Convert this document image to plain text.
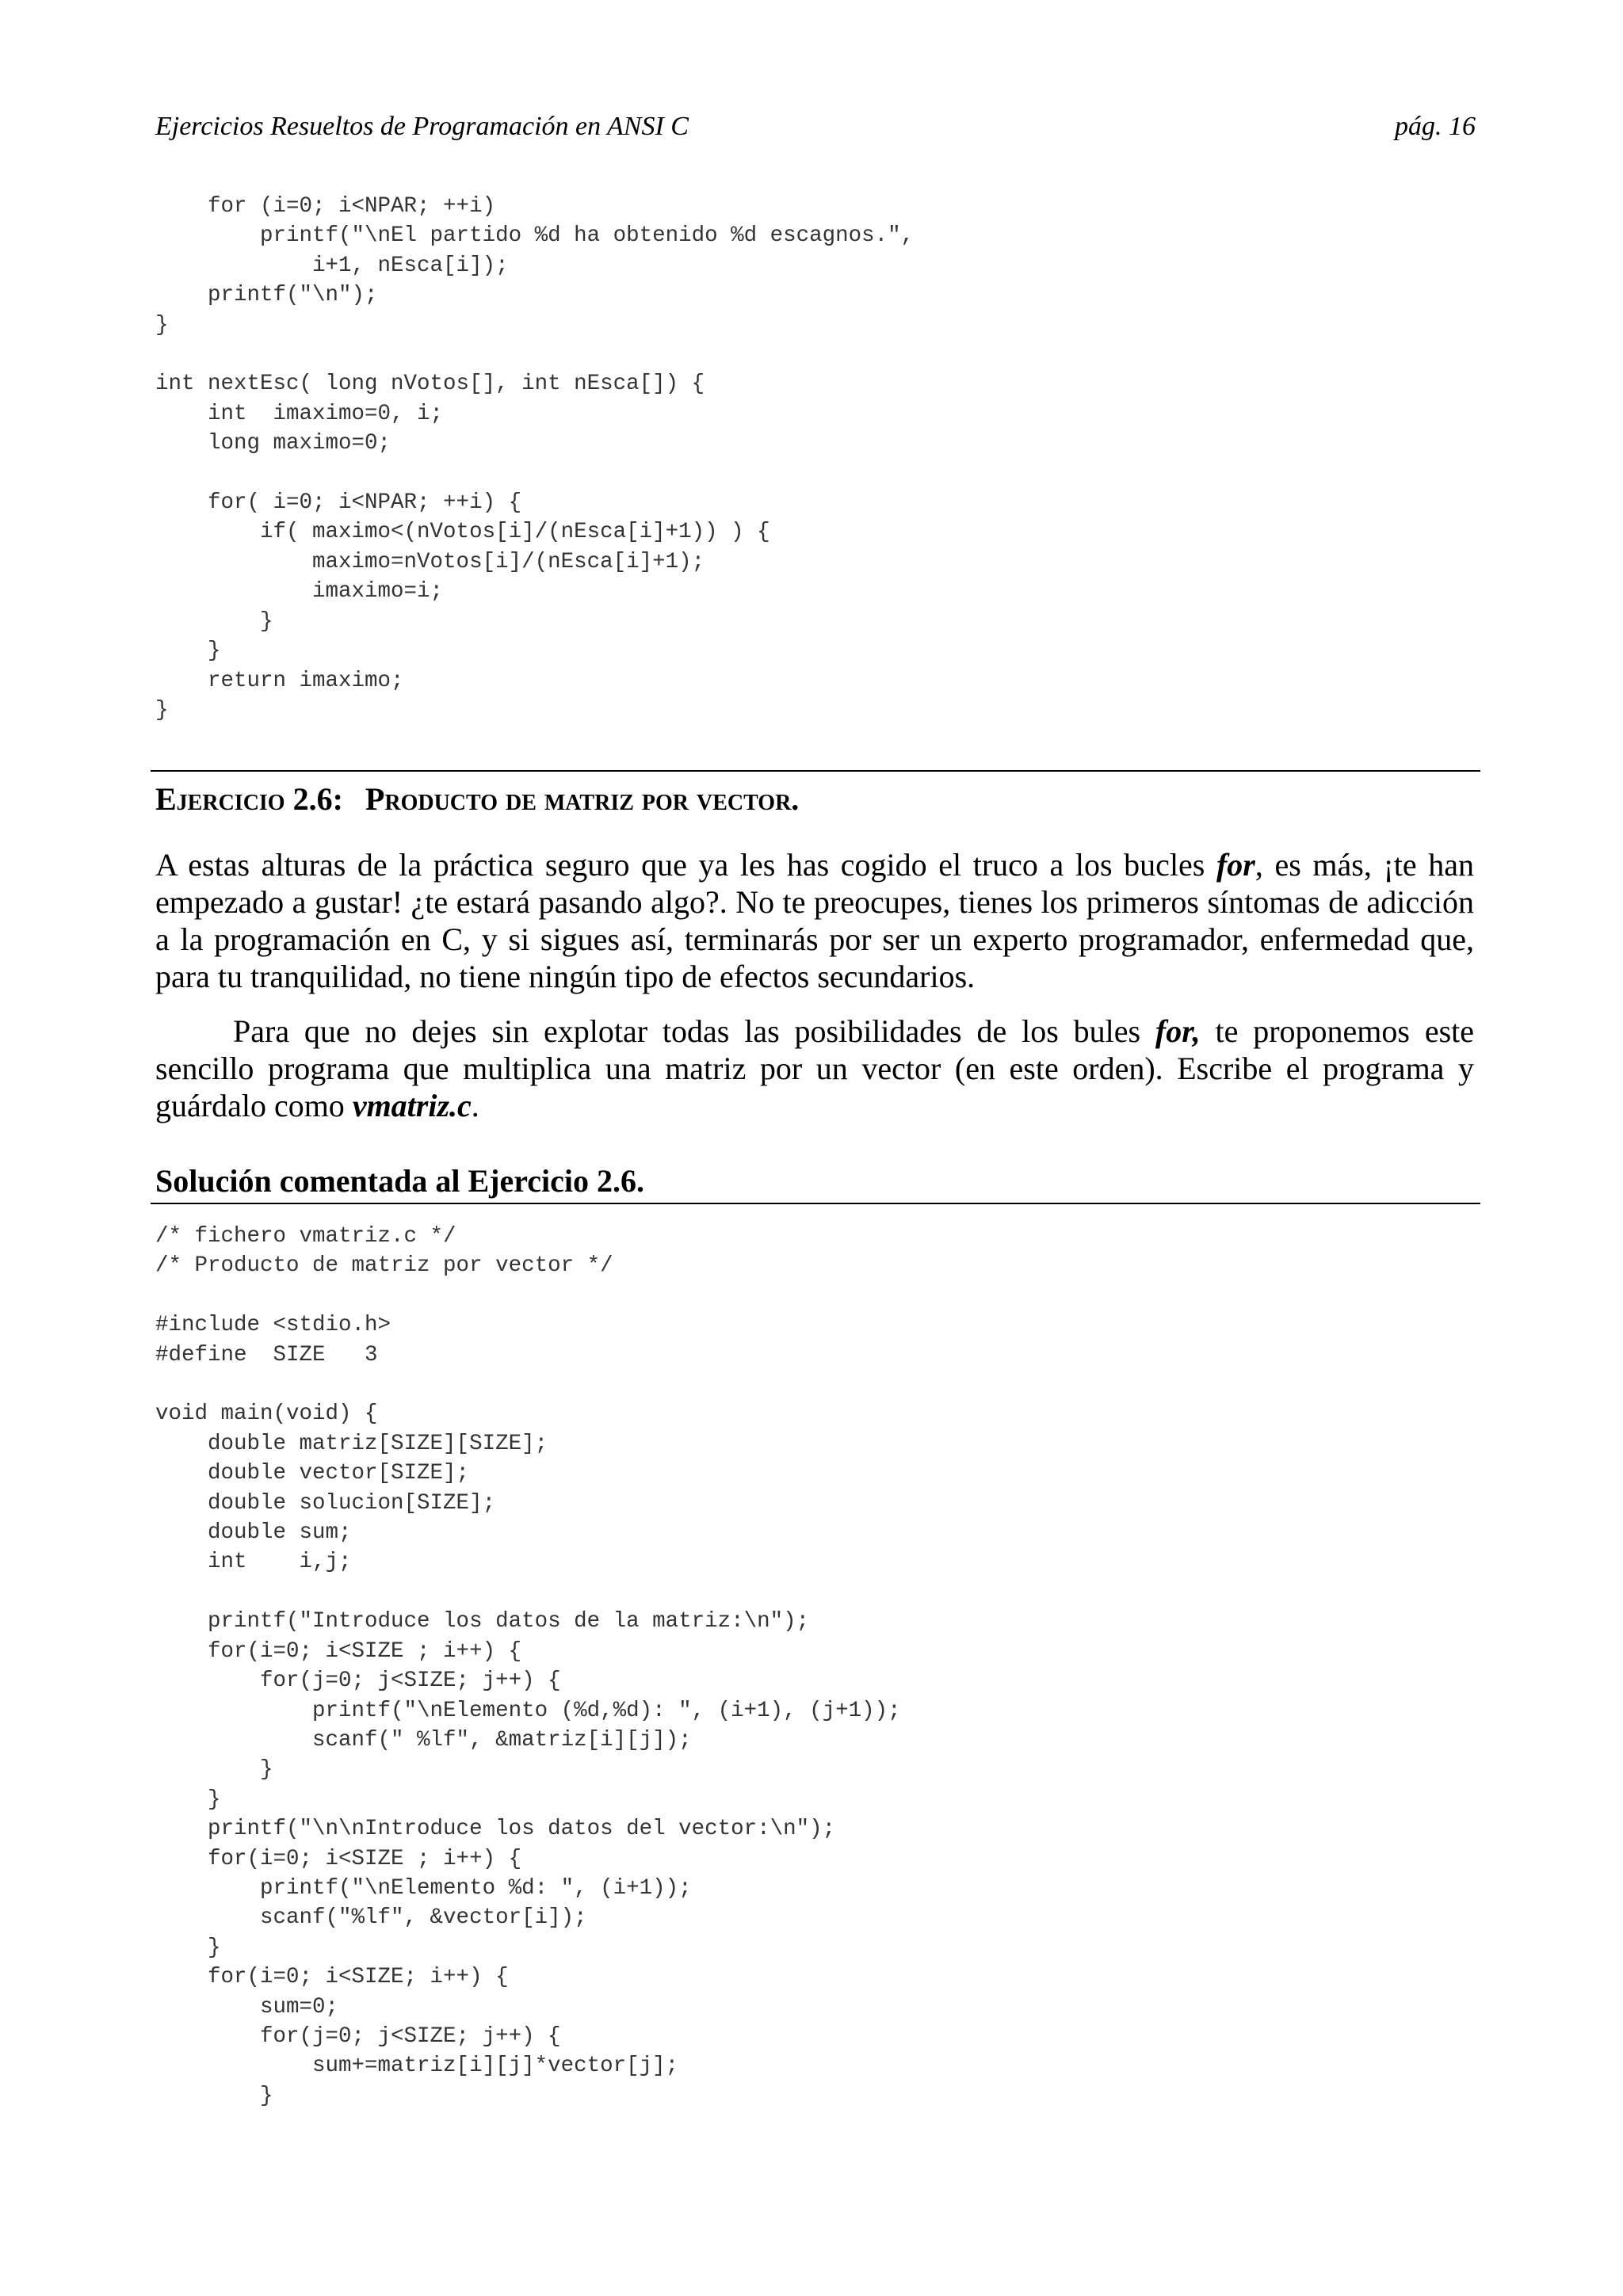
Ejercicios Resueltos de Programación en ANSI C	pág. 16
for (i=0; i<NPAR; ++i)
printf("\nEl partido %d ha obtenido %d escagnos.",
i+1, nEsca[i]);
printf("\n");
}

int nextEsc( long nVotos[], int nEsca[]) {
int  imaximo=0, i;
long maximo=0;

for( i=0; i<NPAR; ++i) {
if( maximo<(nVotos[i]/(nEsca[i]+1)) ) {
maximo=nVotos[i]/(nEsca[i]+1);
imaximo=i;
}
}
return imaximo;
}
Ejercicio 2.6: Producto de matriz por vector.

A estas alturas de la práctica seguro que ya les has cogido el truco a los bucles for, es más, ¡te han empezado a gustar! ¿te estará pasando algo?. No te preocupes, tienes los primeros síntomas de adicción a la programación en C, y si sigues así, terminarás por ser un experto programador, enfermedad que, para tu tranquilidad, no tiene ningún tipo de efectos secundarios.

Para que no dejes sin explotar todas las posibilidades de los bules for, te proponemos este sencillo programa que multiplica una matriz por un vector (en este orden). Escribe el programa y guárdalo como vmatriz.c.

Solución comentada al Ejercicio 2.6.
/* fichero vmatriz.c */
/* Producto de matriz por vector */

#include <stdio.h>
#define  SIZE   3

void main(void) {
double matriz[SIZE][SIZE];
double vector[SIZE];
double solucion[SIZE];
double sum;
int    i,j;

printf("Introduce los datos de la matriz:\n");
for(i=0; i<SIZE ; i++) {
for(j=0; j<SIZE; j++) {
printf("\nElemento (%d,%d): ", (i+1), (j+1));
scanf(" %lf", &matriz[i][j]);
}
}
printf("\n\nIntroduce los datos del vector:\n");
for(i=0; i<SIZE ; i++) {
printf("\nElemento %d: ", (i+1));
scanf("%lf", &vector[i]);
}
for(i=0; i<SIZE; i++) {
sum=0;
for(j=0; j<SIZE; j++) {
sum+=matriz[i][j]*vector[j];
}
